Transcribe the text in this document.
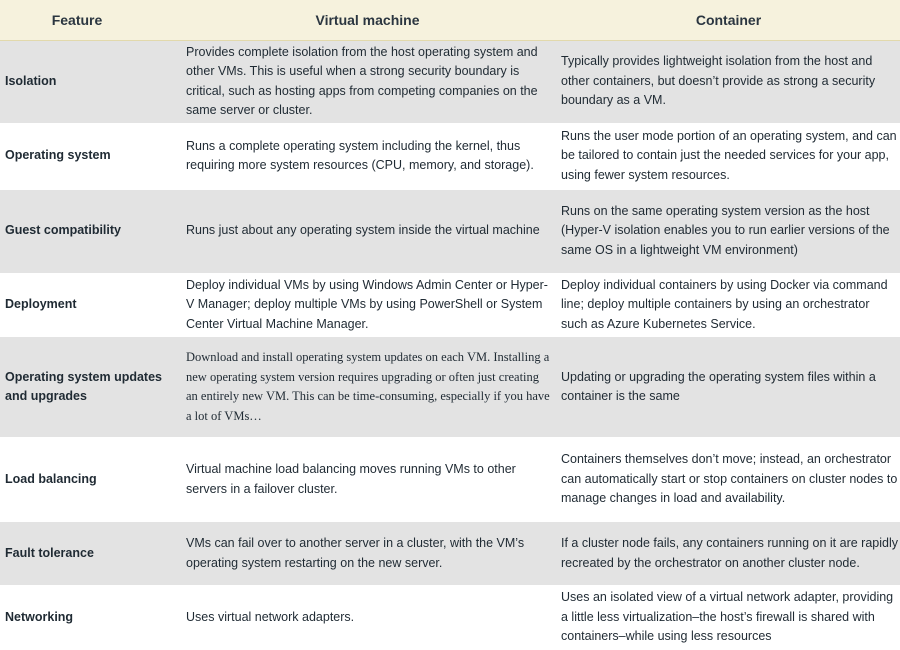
Feature	Virtual machine	Container
Isolation	Provides complete isolation from the host operating system and other VMs. This is useful when a strong security boundary is critical, such as hosting apps from competing companies on the same server or cluster.	Typically provides lightweight isolation from the host and other containers, but doesn’t provide as strong a security boundary as a VM.
Operating system	Runs a complete operating system including the kernel, thus requiring more system resources (CPU, memory, and storage).	Runs the user mode portion of an operating system, and can be tailored to contain just the needed services for your app, using fewer system resources.
Guest compatibility	Runs just about any operating system inside the virtual machine	Runs on the same operating system version as the host (Hyper-V isolation enables you to run earlier versions of the same OS in a lightweight VM environment)
Deployment	Deploy individual VMs by using Windows Admin Center or Hyper-V Manager; deploy multiple VMs by using PowerShell or System Center Virtual Machine Manager.	Deploy individual containers by using Docker via command line; deploy multiple containers by using an orchestrator such as Azure Kubernetes Service.
Operating system updates and upgrades	Download and install operating system updates on each VM. Installing a new operating system version requires upgrading or often just creating an entirely new VM. This can be time-consuming, especially if you have a lot of VMs…	Updating or upgrading the operating system files within a container is the same
Load balancing	Virtual machine load balancing moves running VMs to other servers in a failover cluster.	Containers themselves don’t move; instead, an orchestrator can automatically start or stop containers on cluster nodes to manage changes in load and availability.
Fault tolerance	VMs can fail over to another server in a cluster, with the VM’s operating system restarting on the new server.	If a cluster node fails, any containers running on it are rapidly recreated by the orchestrator on another cluster node.
Networking	Uses virtual network adapters.	Uses an isolated view of a virtual network adapter, providing a little less virtualization–the host’s firewall is shared with containers–while using less resources
